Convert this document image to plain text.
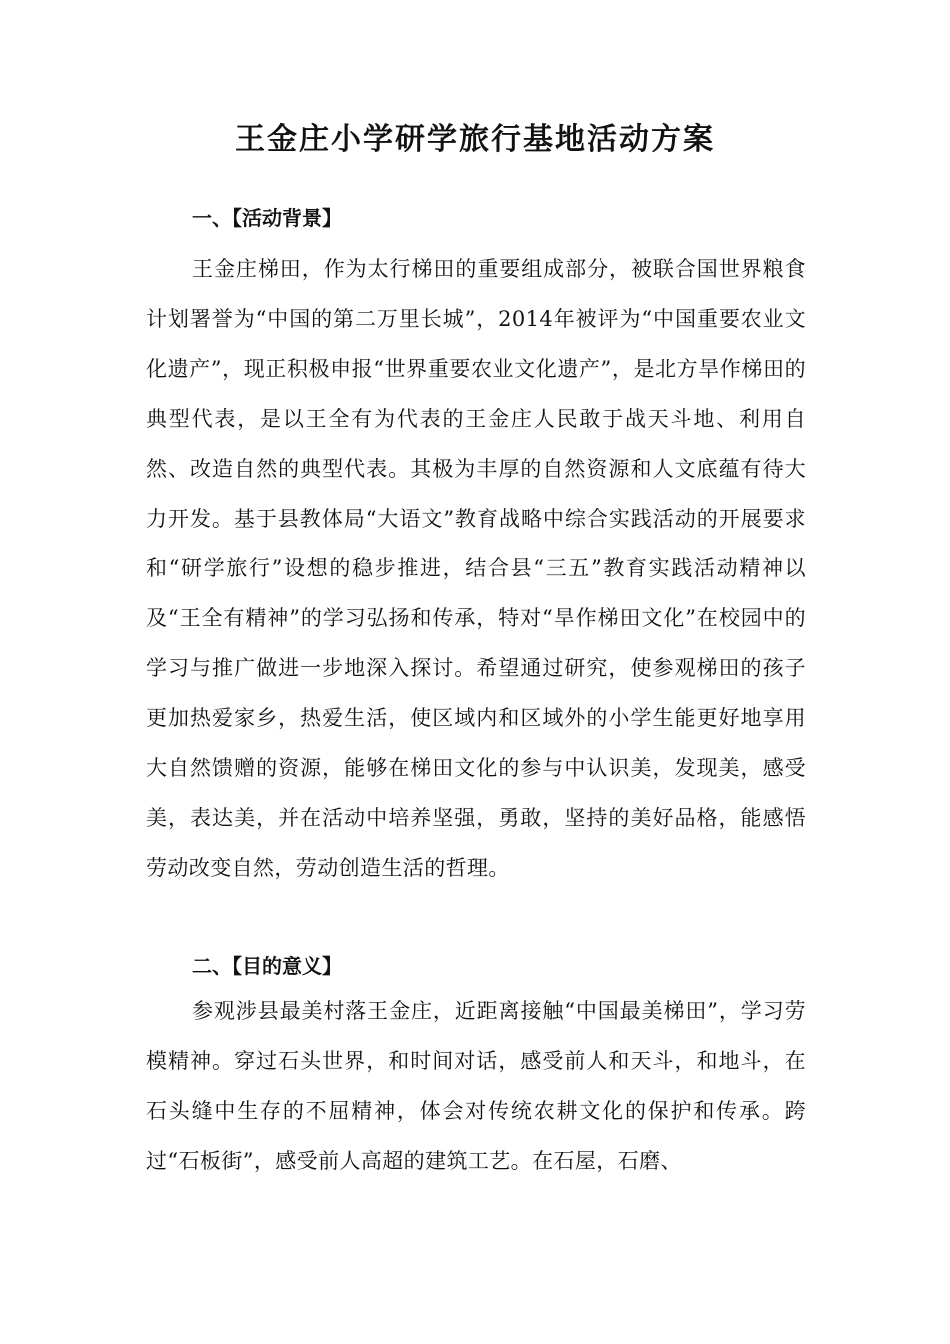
王金庄小学研学旅行基地活动方案
一、【活动背景】

王金庄梯田，作为太行梯田的重要组成部分，被联合国世界粮食计划署誉为“中国的第二万里长城”，2014年被评为“中国重要农业文化遗产”，现正积极申报“世界重要农业文化遗产”，是北方旱作梯田的典型代表，是以王全有为代表的王金庄人民敢于战天斗地、利用自然、改造自然的典型代表。其极为丰厚的自然资源和人文底蕴有待大力开发。基于县教体局“大语文”教育战略中综合实践活动的开展要求和“研学旅行”设想的稳步推进，结合县“三五”教育实践活动精神以及“王全有精神”的学习弘扬和传承，特对“旱作梯田文化”在校园中的学习与推广做进一步地深入探讨。希望通过研究，使参观梯田的孩子更加热爱家乡，热爱生活，使区域内和区域外的小学生能更好地享用大自然馈赠的资源，能够在梯田文化的参与中认识美，发现美，感受美，表达美，并在活动中培养坚强，勇敢，坚持的美好品格，能感悟劳动改变自然，劳动创造生活的哲理。

二、【目的意义】

参观涉县最美村落王金庄，近距离接触“中国最美梯田”，学习劳模精神。穿过石头世界，和时间对话，感受前人和天斗，和地斗，在石头缝中生存的不屈精神，体会对传统农耕文化的保护和传承。跨过“石板街”，感受前人高超的建筑工艺。在石屋，石磨、
